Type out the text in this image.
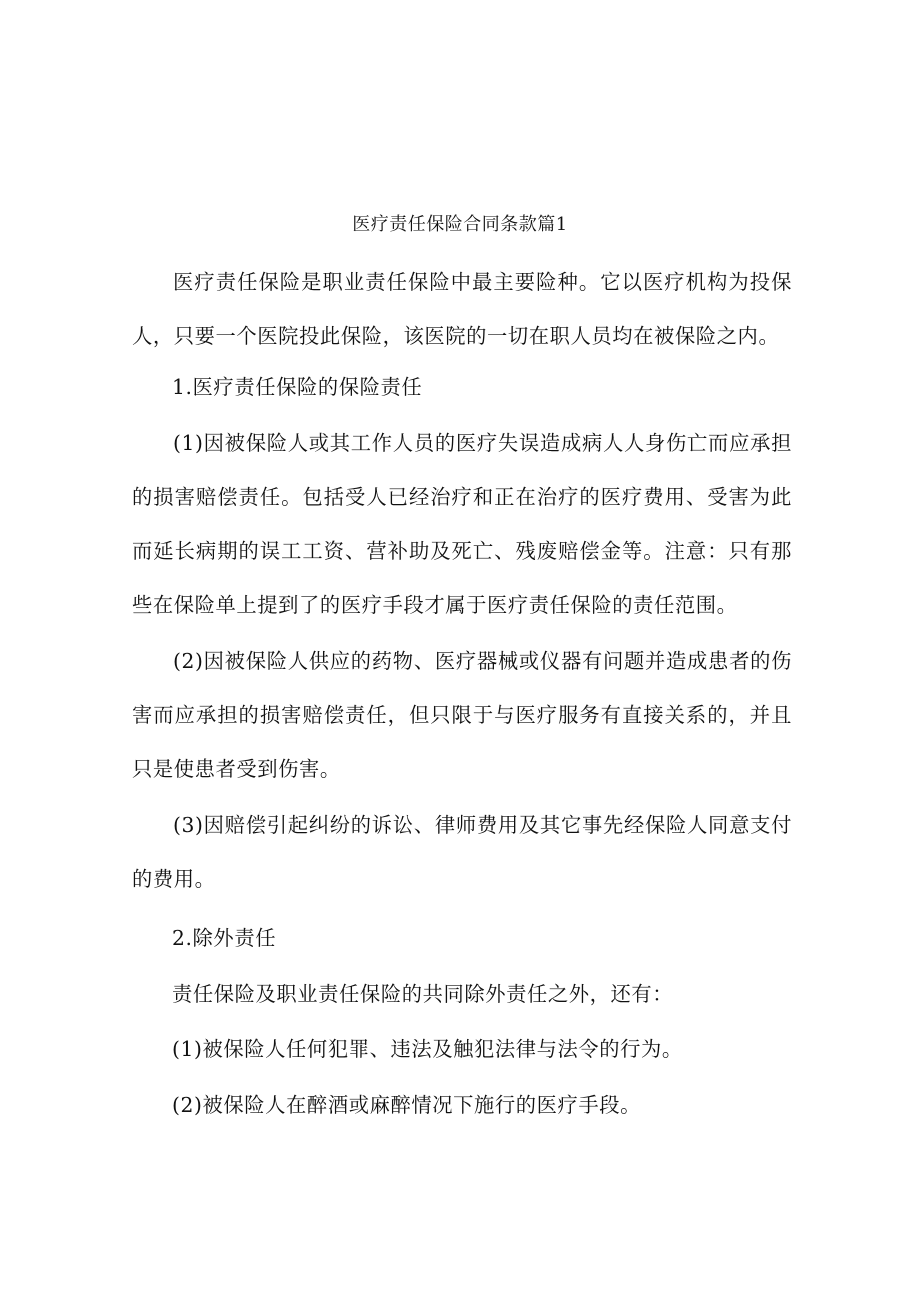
医疗责任保险合同条款篇1

医疗责任保险是职业责任保险中最主要险种。它以医疗机构为投保人，只要一个医院投此保险，该医院的一切在职人员均在被保险之内。

1.医疗责任保险的保险责任

(1)因被保险人或其工作人员的医疗失误造成病人人身伤亡而应承担的损害赔偿责任。包括受人已经治疗和正在治疗的医疗费用、受害为此而延长病期的误工工资、营补助及死亡、残废赔偿金等。注意：只有那些在保险单上提到了的医疗手段才属于医疗责任保险的责任范围。

(2)因被保险人供应的药物、医疗器械或仪器有问题并造成患者的伤害而应承担的损害赔偿责任，但只限于与医疗服务有直接关系的，并且只是使患者受到伤害。

(3)因赔偿引起纠纷的诉讼、律师费用及其它事先经保险人同意支付的费用。

2.除外责任

责任保险及职业责任保险的共同除外责任之外，还有：

(1)被保险人任何犯罪、违法及触犯法律与法令的行为。

(2)被保险人在醉酒或麻醉情况下施行的医疗手段。
